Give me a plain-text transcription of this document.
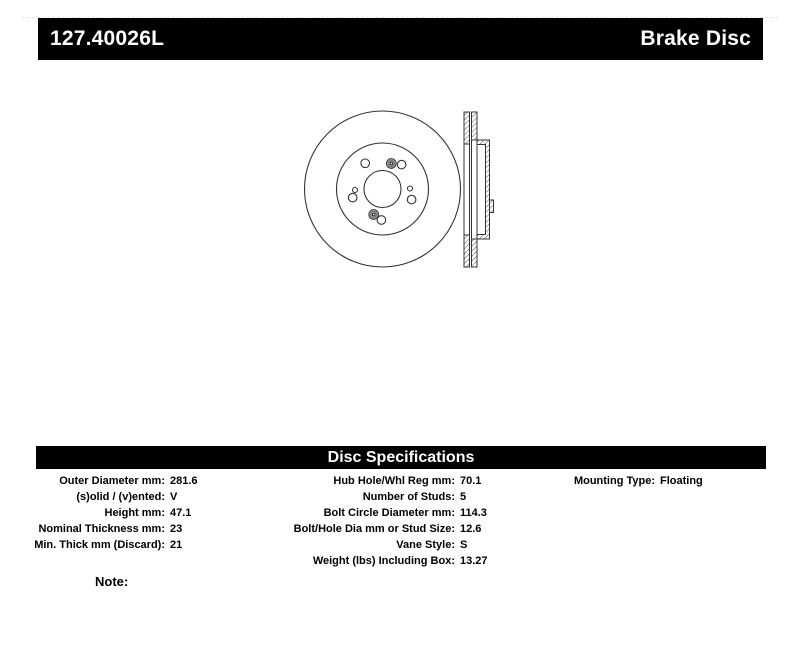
127.40026L	Brake Disc
Disc Specifications
Outer Diameter mm: 281.6
(s)olid / (v)ented: V
Height mm: 47.1
Nominal Thickness mm: 23
Min. Thick mm (Discard): 21
Hub Hole/Whl Reg mm: 70.1
Number of Studs: 5
Bolt Circle Diameter mm: 114.3
Bolt/Hole Dia mm or Stud Size: 12.6
Vane Style: S
Weight (lbs) Including Box: 13.27
Mounting Type: Floating
Note:
